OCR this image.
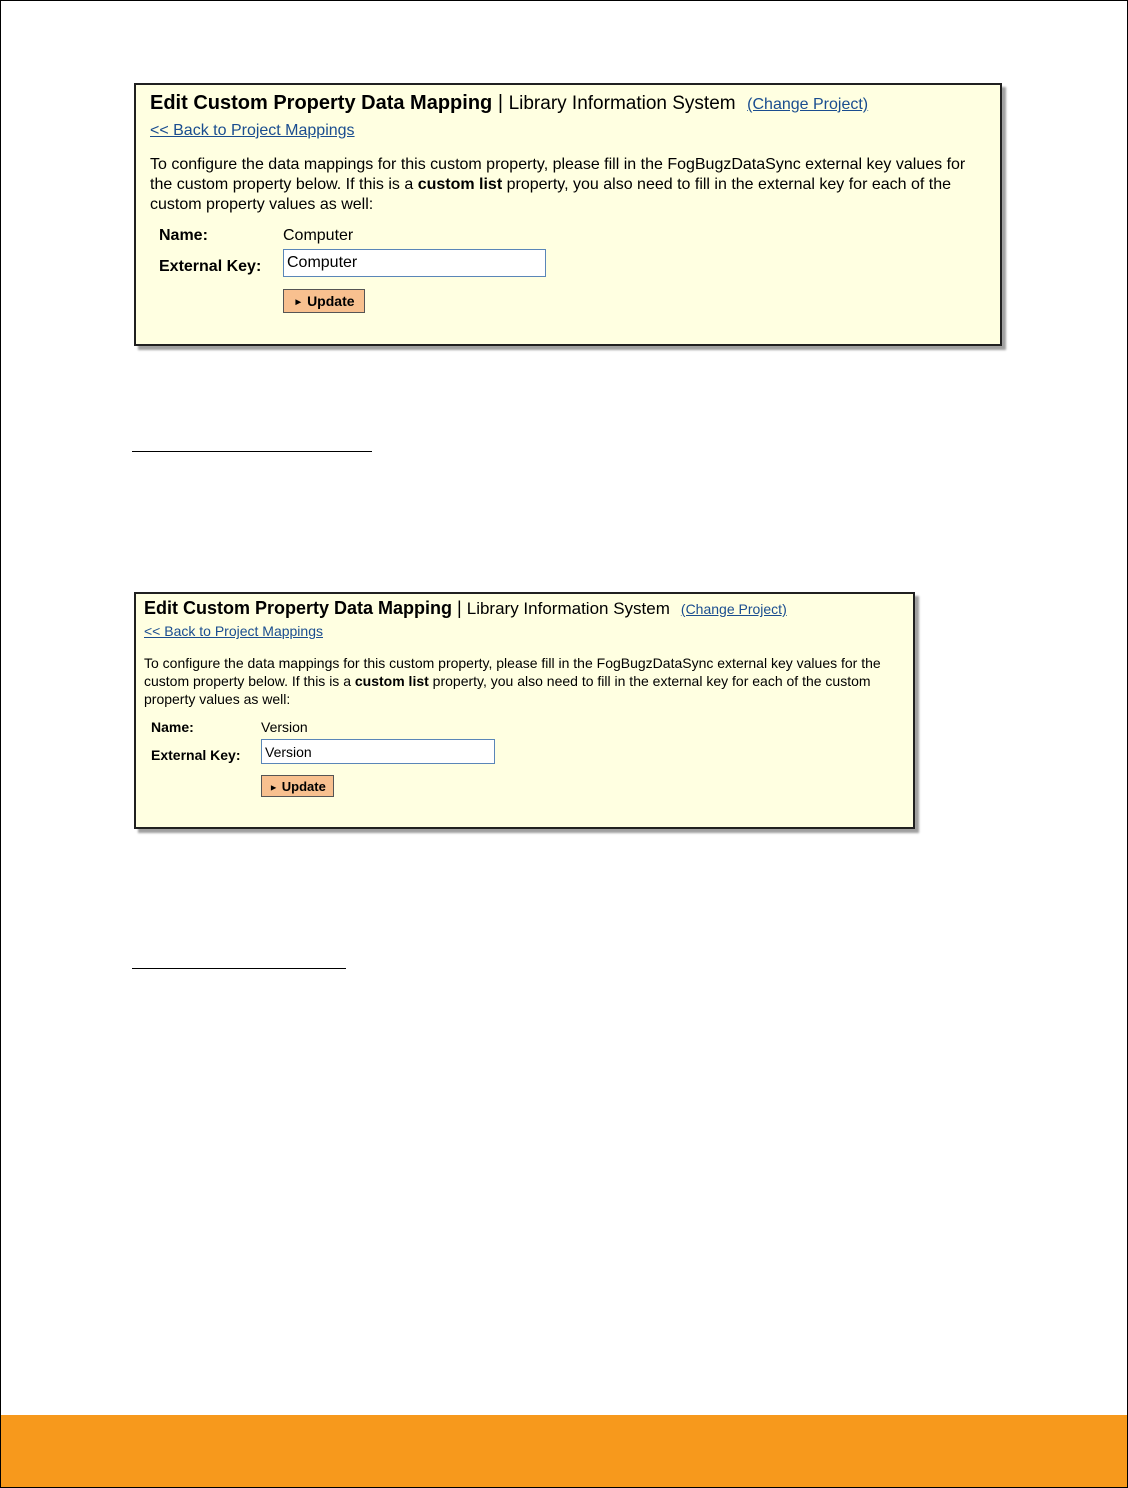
Edit Custom Property Data Mapping | Library Information System (Change Project)
<< Back to Project Mappings
To configure the data mappings for this custom property, please fill in the FogBugzDataSync external key values for the custom property below. If this is a custom list property, you also need to fill in the external key for each of the custom property values as well:
Name:	Computer
External Key:
Computer
► Update
Edit Custom Property Data Mapping | Library Information System (Change Project)
<< Back to Project Mappings
To configure the data mappings for this custom property, please fill in the FogBugzDataSync external key values for the custom property below. If this is a custom list property, you also need to fill in the external key for each of the custom property values as well:
Name:	Version
External Key:
Version
► Update
